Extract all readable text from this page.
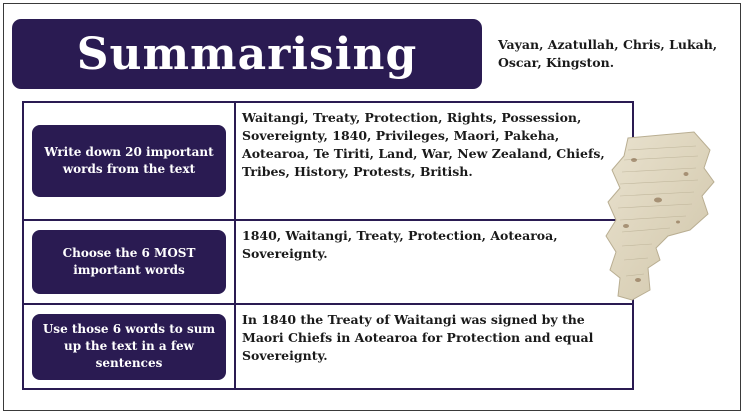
Summarising	Vayan, Azatullah, Chris, Lukah, Oscar, Kingston.
Write down 20 important words from the text
Waitangi, Treaty, Protection, Rights, Possession, Sovereignty, 1840, Privileges, Maori, Pakeha, Aotearoa, Te Tiriti, Land, War, New Zealand, Chiefs, Tribes, History, Protests, British.
Choose the 6 MOST important words
1840, Waitangi, Treaty, Protection, Aotearoa, Sovereignty.
Use those 6 words to sum up the text in a few sentences
In 1840 the Treaty of Waitangi was signed by the Maori Chiefs in Aotearoa for Protection and equal Sovereignty.
